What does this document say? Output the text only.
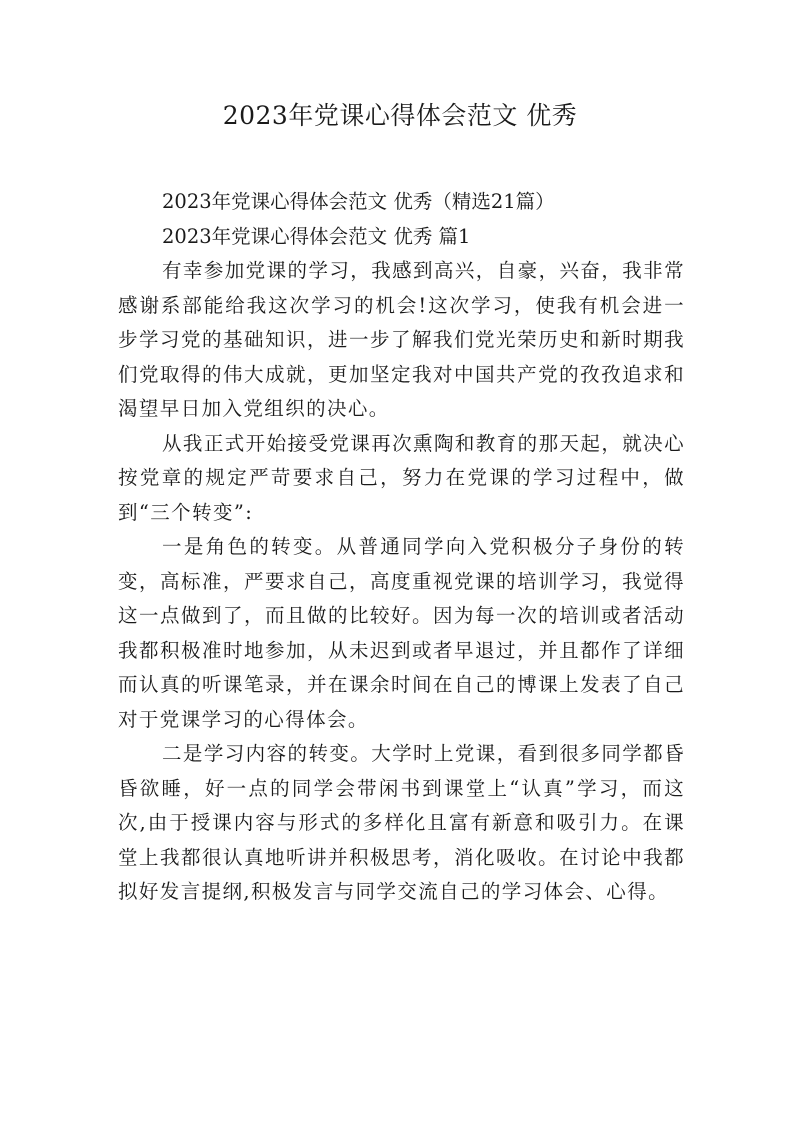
2023年党课心得体会范文 优秀

2023年党课心得体会范文 优秀（精选21篇）

2023年党课心得体会范文 优秀 篇1

有幸参加党课的学习，我感到高兴，自豪，兴奋，我非常感谢系部能给我这次学习的机会!这次学习，使我有机会进一步学习党的基础知识，进一步了解我们党光荣历史和新时期我们党取得的伟大成就，更加坚定我对中国共产党的孜孜追求和渴望早日加入党组织的决心。

从我正式开始接受党课再次熏陶和教育的那天起，就决心按党章的规定严苛要求自己，努力在党课的学习过程中，做到“三个转变”:

一是角色的转变。从普通同学向入党积极分子身份的转变，高标准，严要求自己，高度重视党课的培训学习，我觉得这一点做到了，而且做的比较好。因为每一次的培训或者活动我都积极准时地参加，从未迟到或者早退过，并且都作了详细而认真的听课笔录，并在课余时间在自己的博课上发表了自己对于党课学习的心得体会。

二是学习内容的转变。大学时上党课，看到很多同学都昏昏欲睡，好一点的同学会带闲书到课堂上“认真”学习，而这次,由于授课内容与形式的多样化且富有新意和吸引力。在课堂上我都很认真地听讲并积极思考，消化吸收。在讨论中我都拟好发言提纲,积极发言与同学交流自己的学习体会、心得。
